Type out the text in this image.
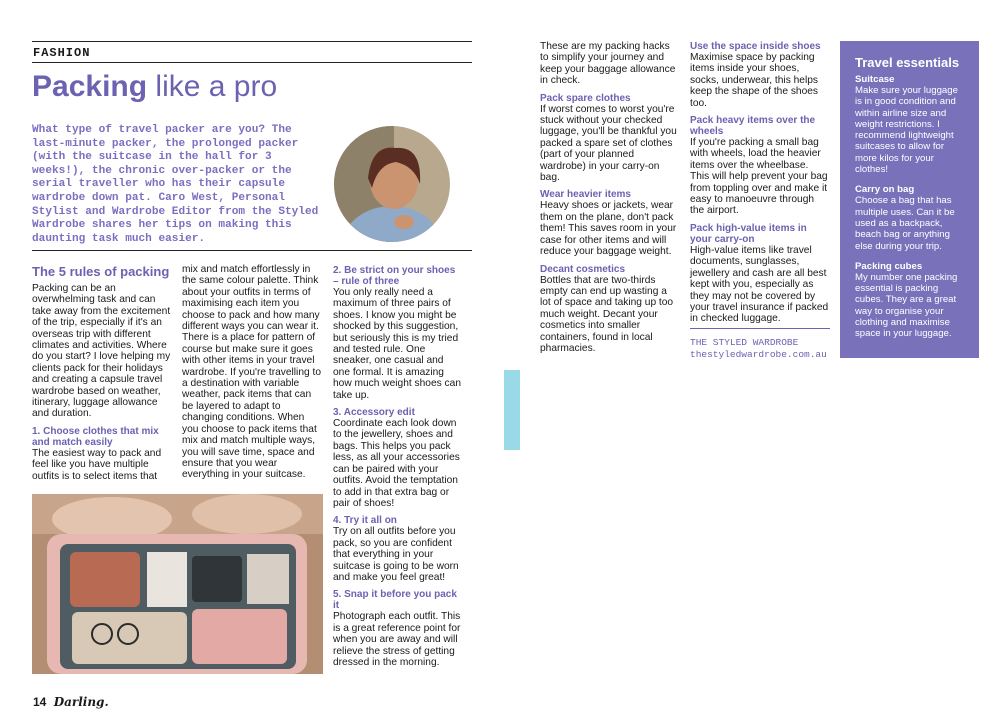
FASHION
Packing like a pro
What type of travel packer are you? The last-minute packer, the prolonged packer (with the suitcase in the hall for 3 weeks!), the chronic over-packer or the serial traveller who has their capsule wardrobe down pat. Caro West, Personal Stylist and Wardrobe Editor from the Styled Wardrobe shares her tips on making this daunting task much easier.
The 5 rules of packing

Packing can be an overwhelming task and can take away from the excitement of the trip, especially if it's an overseas trip with different climates and activities. Where do you start? I love helping my clients pack for their holidays and creating a capsule travel wardrobe based on weather, itinerary, luggage allowance and duration.

1. Choose clothes that mix and match easily

The easiest way to pack and feel like you have multiple outfits is to select items that

mix and match effortlessly in the same colour palette. Think about your outfits in terms of maximising each item you choose to pack and how many different ways you can wear it. There is a place for pattern of course but make sure it goes with other items in your travel wardrobe. If you're travelling to a destination with variable weather, pack items that can be layered to adapt to changing conditions. When you choose to pack items that mix and match multiple ways, you will save time, space and ensure that you wear everything in your suitcase.

2. Be strict on your shoes – rule of three

You only really need a maximum of three pairs of shoes. I know you might be shocked by this suggestion, but seriously this is my tried and tested rule. One sneaker, one casual and one formal. It is amazing how much weight shoes can take up.

3. Accessory edit

Coordinate each look down to the jewellery, shoes and bags. This helps you pack less, as all your accessories can be paired with your outfits. Avoid the temptation to add in that extra bag or pair of shoes!

4. Try it all on

Try on all outfits before you pack, so you are confident that everything in your suitcase is going to be worn and make you feel great!

5. Snap it before you pack it

Photograph each outfit. This is a great reference point for when you are away and will relieve the stress of getting dressed in the morning.

14 Darling.

These are my packing hacks to simplify your journey and keep your baggage allowance in check.

Pack spare clothes

If worst comes to worst you're stuck without your checked luggage, you'll be thankful you packed a spare set of clothes (part of your planned wardrobe) in your carry-on bag.

Wear heavier items

Heavy shoes or jackets, wear them on the plane, don't pack them! This saves room in your case for other items and will reduce your baggage weight.

Decant cosmetics

Bottles that are two-thirds empty can end up wasting a lot of space and taking up too much weight. Decant your cosmetics into smaller containers, found in local pharmacies.

Use the space inside shoes

Maximise space by packing items inside your shoes, socks, underwear, this helps keep the shape of the shoes too.

Pack heavy items over the wheels

If you're packing a small bag with wheels, load the heavier items over the wheelbase. This will help prevent your bag from toppling over and make it easy to manoeuvre through the airport.

Pack high-value items in your carry-on

High-value items like travel documents, sunglasses, jewellery and cash are all best kept with you, especially as they may not be covered by your travel insurance if packed in checked luggage.

THE STYLED WARDROBE
thestyledwardrobe.com.au
Travel essentials
Suitcase
Make sure your luggage is in good condition and within airline size and weight restrictions. I recommend lightweight suitcases to allow for more kilos for your clothes!
Carry on bag
Choose a bag that has multiple uses. Can it be used as a backpack, beach bag or anything else during your trip.
Packing cubes
My number one packing essential is packing cubes. They are a great way to organise your clothing and maximise space in your luggage.
